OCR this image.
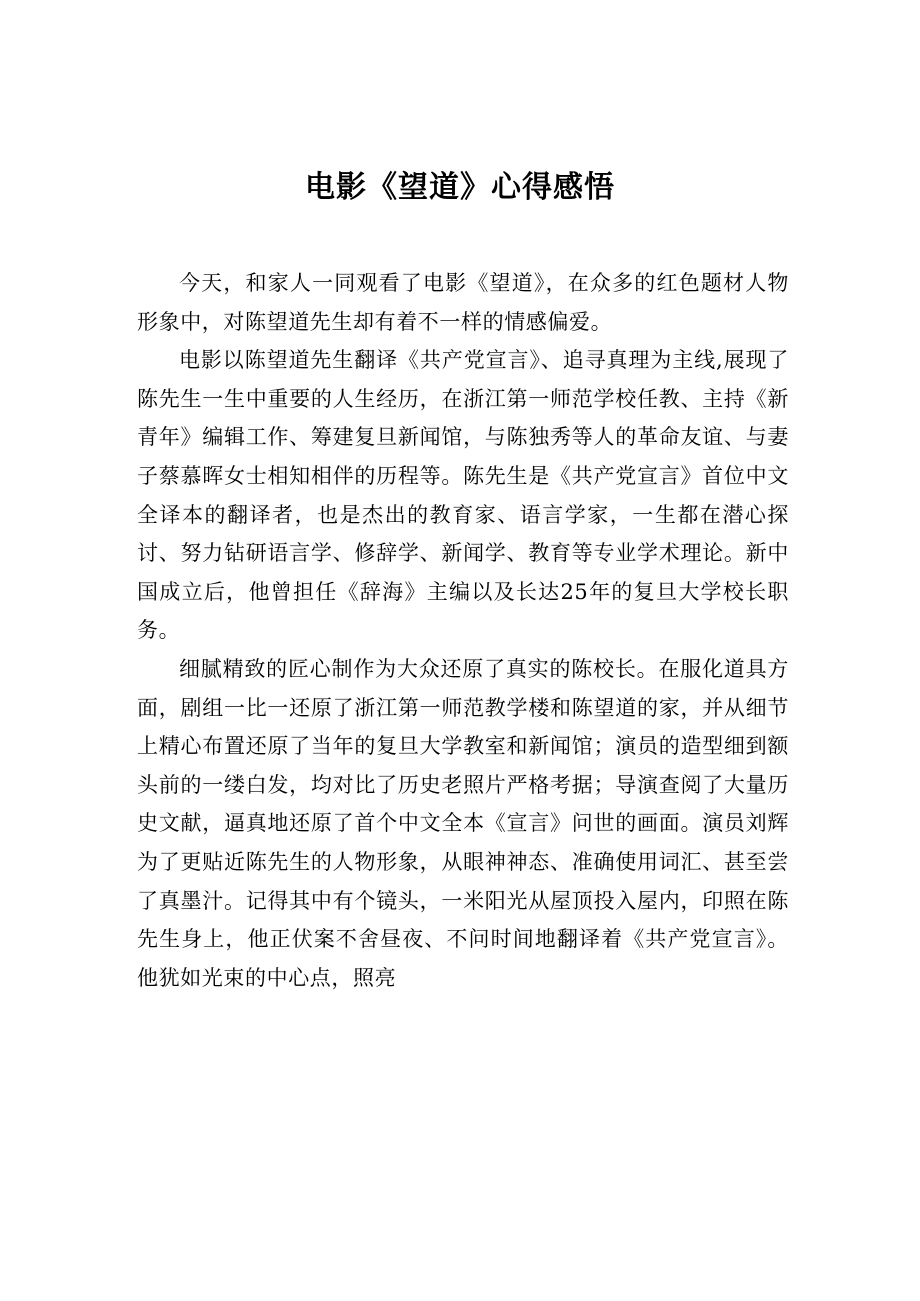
电影《望道》心得感悟

今天，和家人一同观看了电影《望道》，在众多的红色题材人物形象中，对陈望道先生却有着不一样的情感偏爱。

电影以陈望道先生翻译《共产党宣言》、追寻真理为主线,展现了陈先生一生中重要的人生经历，在浙江第一师范学校任教、主持《新青年》编辑工作、筹建复旦新闻馆，与陈独秀等人的革命友谊、与妻子蔡慕晖女士相知相伴的历程等。陈先生是《共产党宣言》首位中文全译本的翻译者，也是杰出的教育家、语言学家，一生都在潜心探讨、努力钻研语言学、修辞学、新闻学、教育等专业学术理论。新中国成立后，他曾担任《辞海》主编以及长达25年的复旦大学校长职务。

细腻精致的匠心制作为大众还原了真实的陈校长。在服化道具方面，剧组一比一还原了浙江第一师范教学楼和陈望道的家，并从细节上精心布置还原了当年的复旦大学教室和新闻馆；演员的造型细到额头前的一缕白发，均对比了历史老照片严格考据；导演查阅了大量历史文献，逼真地还原了首个中文全本《宣言》问世的画面。演员刘辉为了更贴近陈先生的人物形象，从眼神神态、准确使用词汇、甚至尝了真墨汁。记得其中有个镜头，一米阳光从屋顶投入屋内，印照在陈先生身上，他正伏案不舍昼夜、不问时间地翻译着《共产党宣言》。他犹如光束的中心点，照亮
